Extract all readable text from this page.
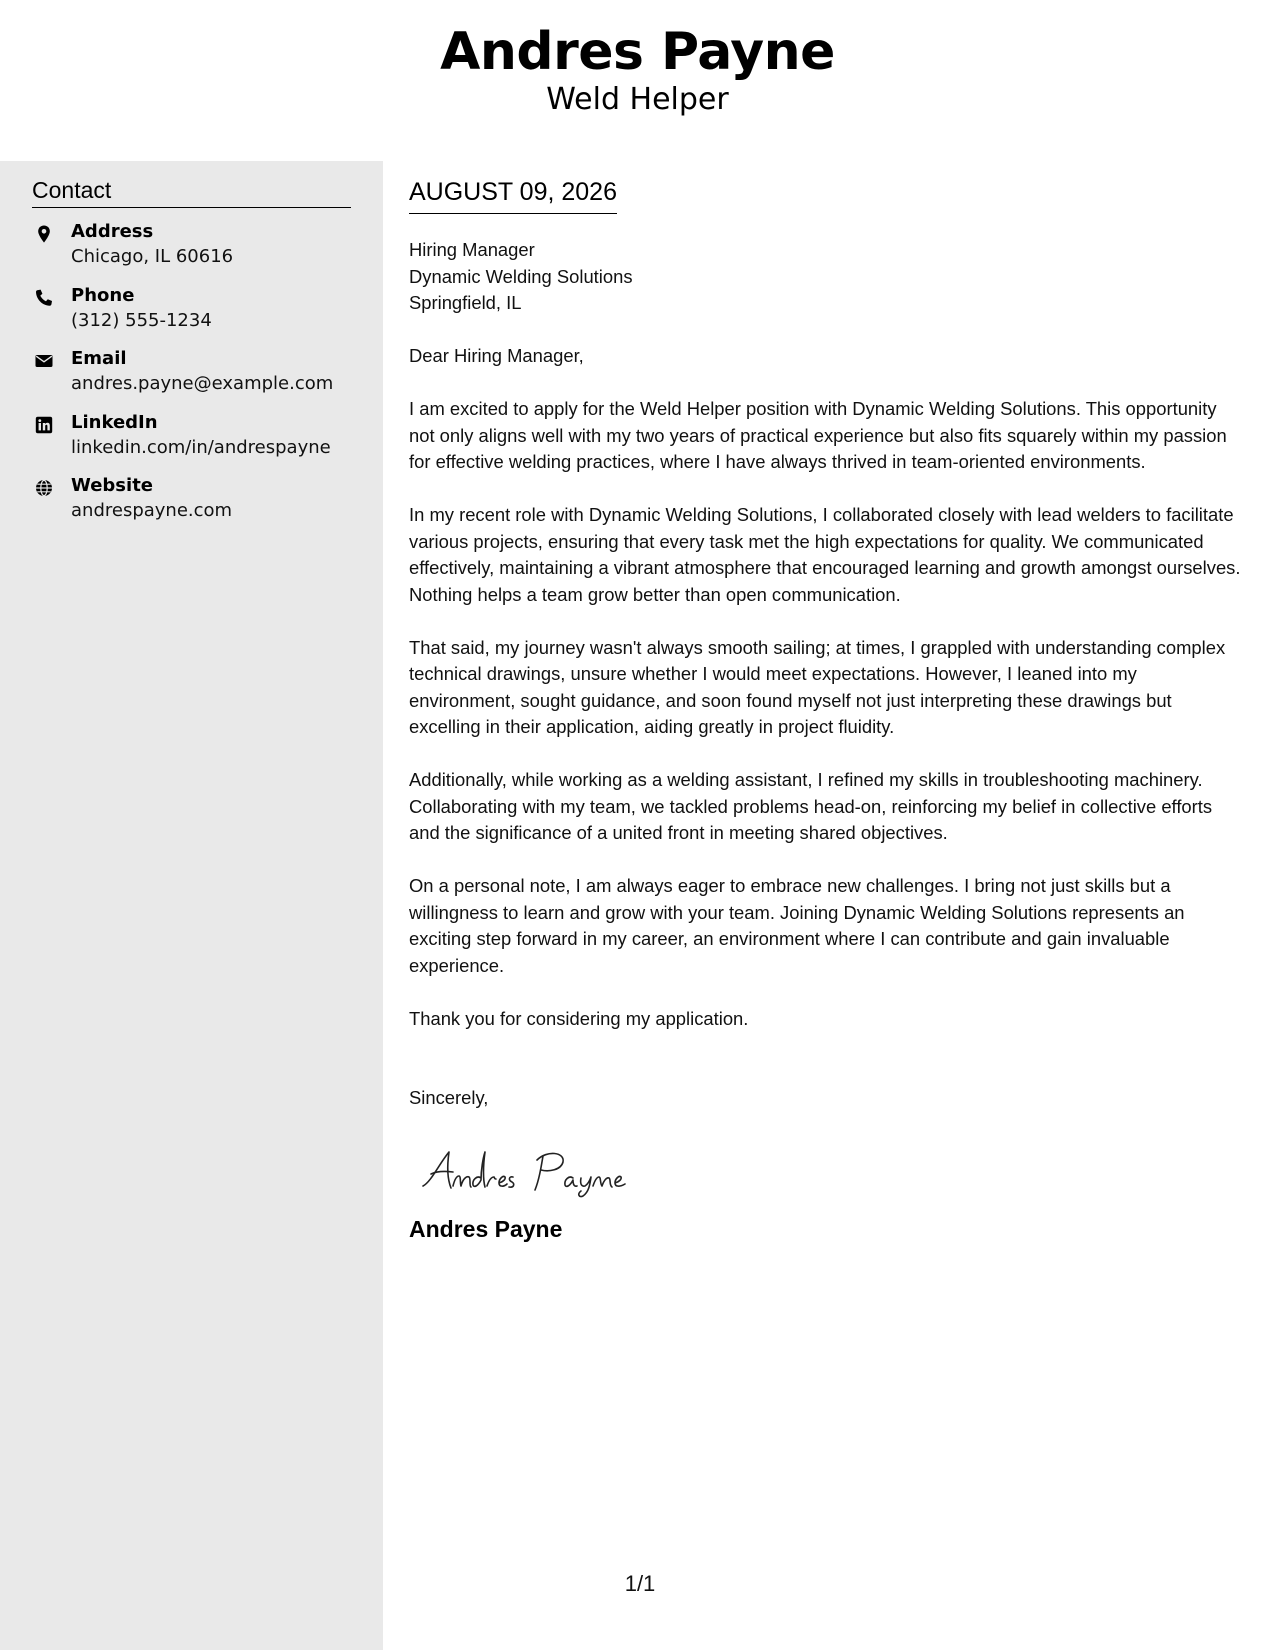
Andres Payne
Weld Helper
Contact
Address
Chicago, IL 60616
Phone
(312) 555-1234
Email
andres.payne@example.com
LinkedIn
linkedin.com/in/andrespayne
Website
andrespayne.com
AUGUST 09, 2026
Hiring Manager
Dynamic Welding Solutions
Springfield, IL

Dear Hiring Manager,

I am excited to apply for the Weld Helper position with Dynamic Welding Solutions. This opportunity not only aligns well with my two years of practical experience but also fits squarely within my passion for effective welding practices, where I have always thrived in team-oriented environments.

In my recent role with Dynamic Welding Solutions, I collaborated closely with lead welders to facilitate various projects, ensuring that every task met the high expectations for quality. We communicated effectively, maintaining a vibrant atmosphere that encouraged learning and growth amongst ourselves. Nothing helps a team grow better than open communication.

That said, my journey wasn't always smooth sailing; at times, I grappled with understanding complex technical drawings, unsure whether I would meet expectations. However, I leaned into my environment, sought guidance, and soon found myself not just interpreting these drawings but excelling in their application, aiding greatly in project fluidity.

Additionally, while working as a welding assistant, I refined my skills in troubleshooting machinery. Collaborating with my team, we tackled problems head-on, reinforcing my belief in collective efforts and the significance of a united front in meeting shared objectives.

On a personal note, I am always eager to embrace new challenges. I bring not just skills but a willingness to learn and grow with your team. Joining Dynamic Welding Solutions represents an exciting step forward in my career, an environment where I can contribute and gain invaluable experience.

Thank you for considering my application.

Sincerely,

Andres Payne
1/1
